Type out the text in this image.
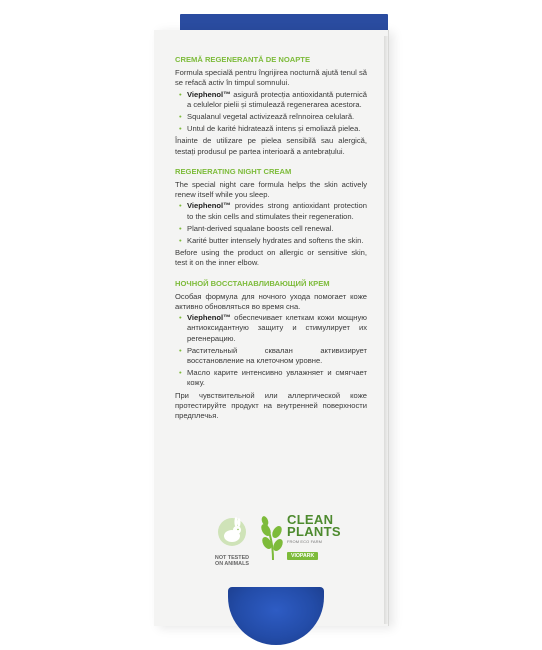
CREMĂ REGENERANTĂ DE NOAPTE

Formula specială pentru îngrijirea nocturnă ajută tenul să se refacă activ în timpul somnului.

• Viephenol™ asigură protecția antioxidantă puternică a celulelor pielii și stimulează regenerarea acestora.
• Squalanul vegetal activizează reînnoirea celulară.
• Untul de karité hidratează intens și emoliază pielea.

Înainte de utilizare pe pielea sensibilă sau alergică, testați produsul pe partea interioară a antebrațului.

REGENERATING NIGHT CREAM

The special night care formula helps the skin actively renew itself while you sleep.

• Viephenol™ provides strong antioxidant protection to the skin cells and stimulates their regeneration.
• Plant-derived squalane boosts cell renewal.
• Karité butter intensely hydrates and softens the skin.

Before using the product on allergic or sensitive skin, test it on the inner elbow.

НОЧНОЙ ВОССТАНАВЛИВАЮЩИЙ КРЕМ

Особая формула для ночного ухода помогает коже активно обновляться во время сна.

• Viephenol™ обеспечивает клеткам кожи мощную антиоксидантную защиту и стимулирует их регенерацию.
• Растительный сквалан активизирует восстановление на клеточном уровне.
• Масло карите интенсивно увлажняет и смягчает кожу.

При чувствительной или аллергической коже протестируйте продукт на внутренней поверхности предплечья.

NOT TESTED
ON ANIMALS
CLEAN
PLANTS
FROM ECO FARM
VIOPARK
